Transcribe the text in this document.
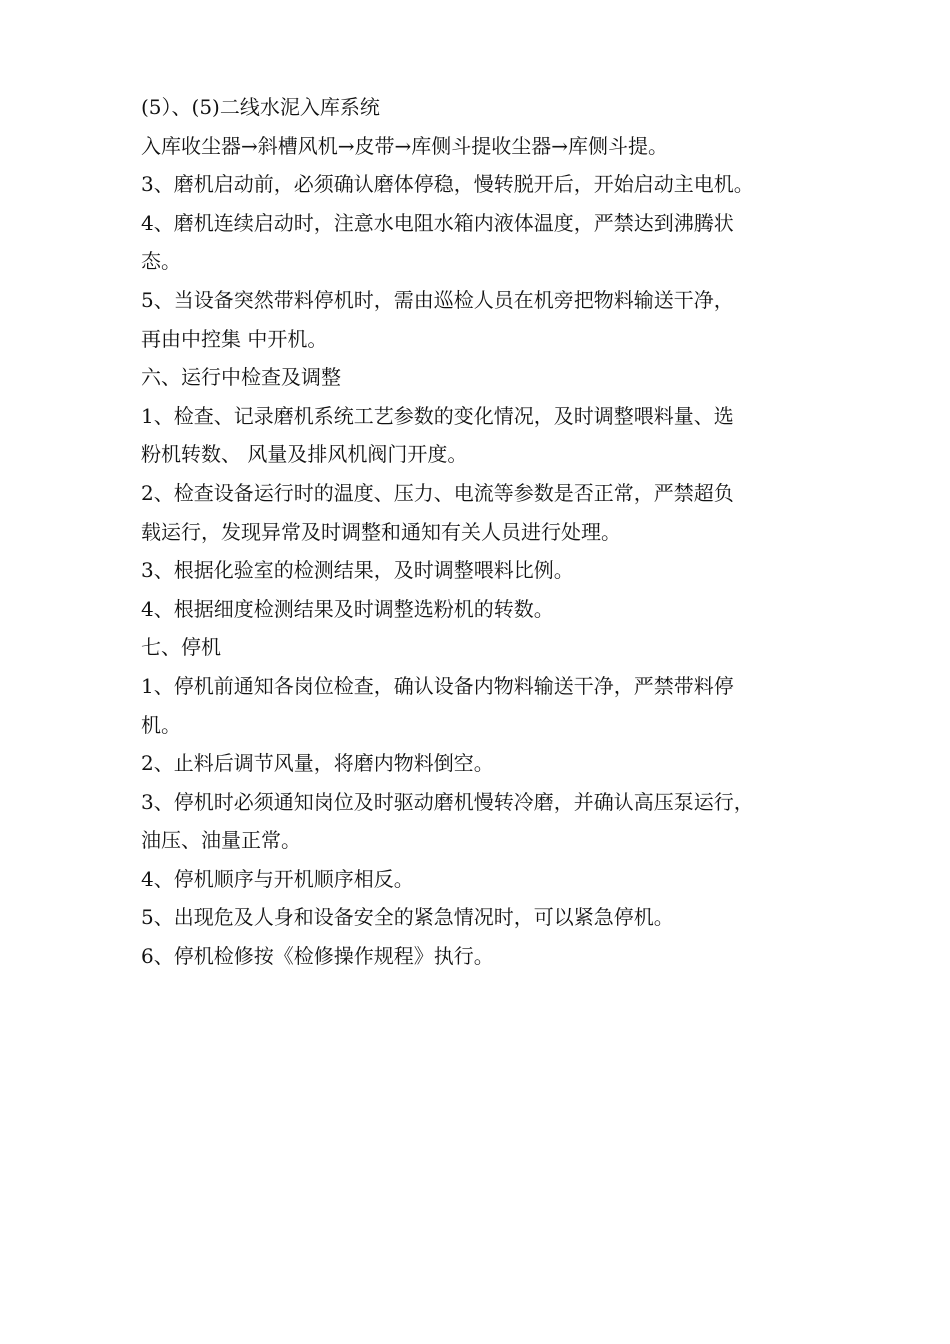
(5）、(5)二线水泥入库系统
入库收尘器→斜槽风机→皮带→库侧斗提收尘器→库侧斗提。
3、磨机启动前，必须确认磨体停稳，慢转脱开后，开始启动主电机。
4、磨机连续启动时，注意水电阻水箱内液体温度，严禁达到沸腾状
态。
5、当设备突然带料停机时，需由巡检人员在机旁把物料输送干净，
再由中控集 中开机。
六、运行中检查及调整
1、检查、记录磨机系统工艺参数的变化情况，及时调整喂料量、选
粉机转数、 风量及排风机阀门开度。
2、检查设备运行时的温度、压力、电流等参数是否正常，严禁超负
载运行，发现异常及时调整和通知有关人员进行处理。
3、根据化验室的检测结果，及时调整喂料比例。
4、根据细度检测结果及时调整选粉机的转数。
七、停机
1、停机前通知各岗位检查，确认设备内物料输送干净，严禁带料停
机。
2、止料后调节风量，将磨内物料倒空。
3、停机时必须通知岗位及时驱动磨机慢转冷磨，并确认高压泵运行，
油压、油量正常。
4、停机顺序与开机顺序相反。
5、出现危及人身和设备安全的紧急情况时，可以紧急停机。
6、停机检修按《检修操作规程》执行。
